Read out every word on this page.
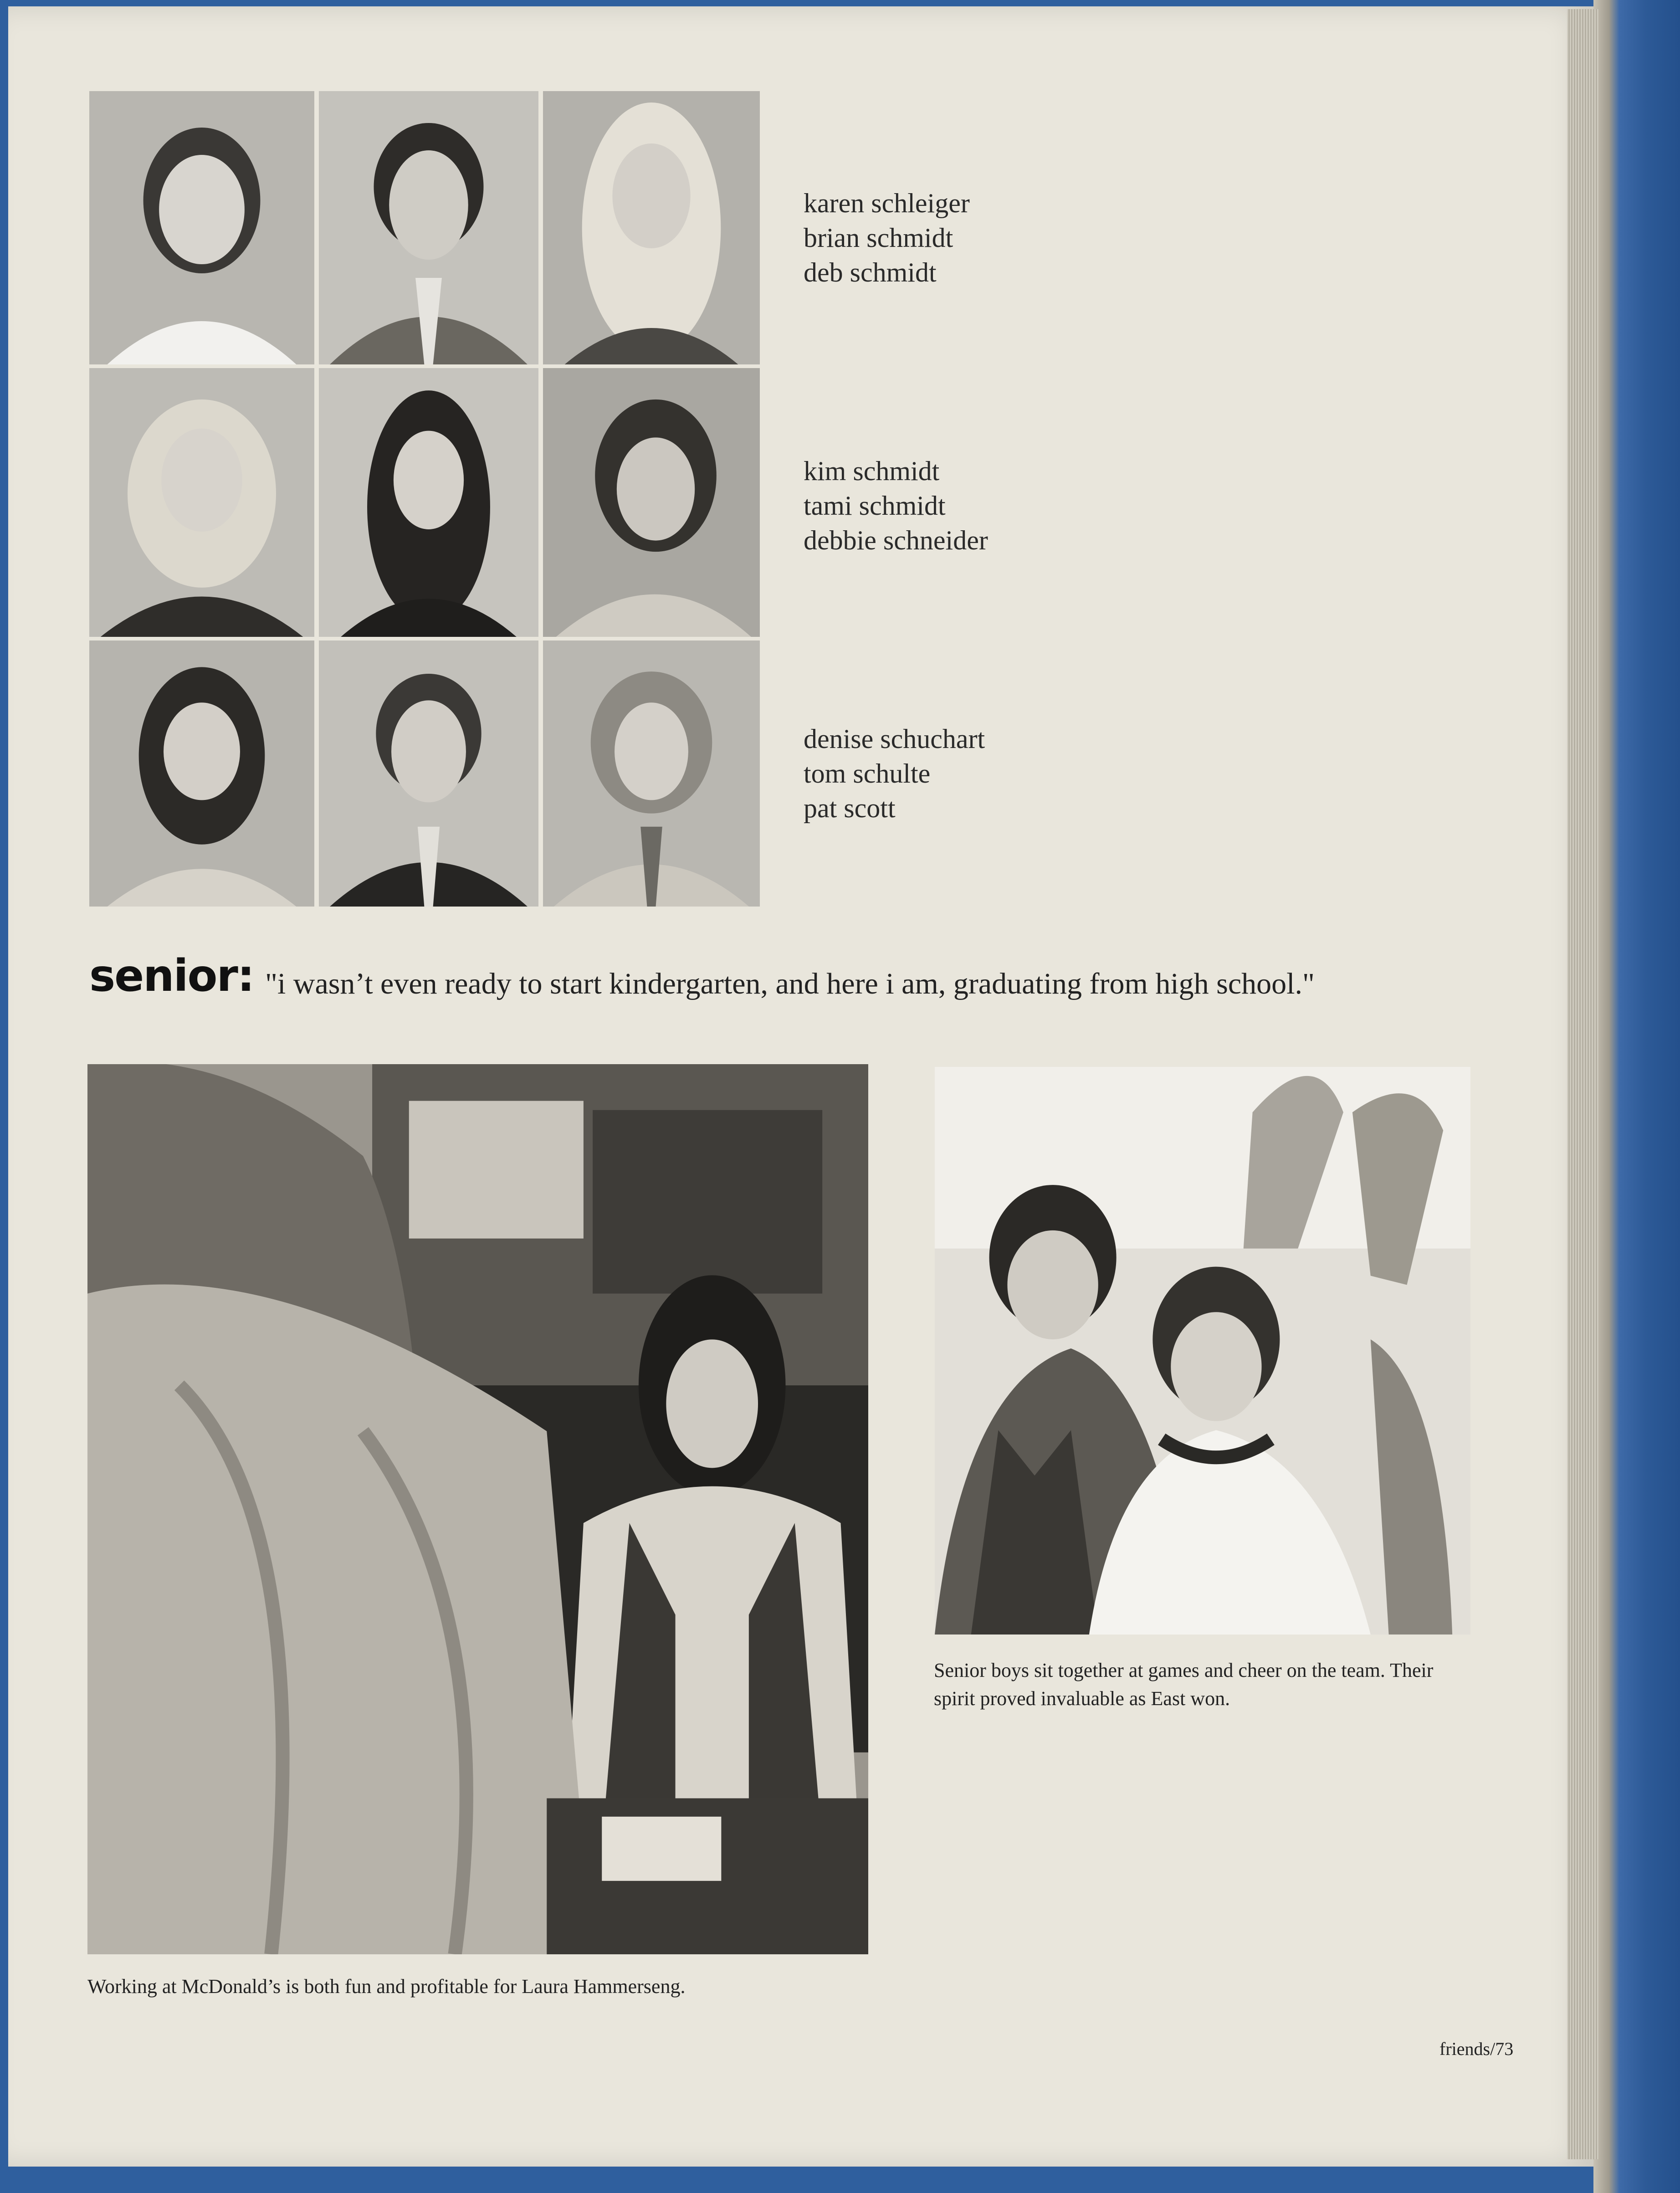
karen schleiger
brian schmidt
deb schmidt
kim schmidt
tami schmidt
debbie schneider
denise schuchart
tom schulte
pat scott
senior: "i wasn’t even ready to start kindergarten, and here i am, graduating from high school."
Senior boys sit together at games and cheer on the team. Their spirit proved invaluable as East won.
Working at McDonald’s is both fun and profitable for Laura Hammerseng.
friends/73
